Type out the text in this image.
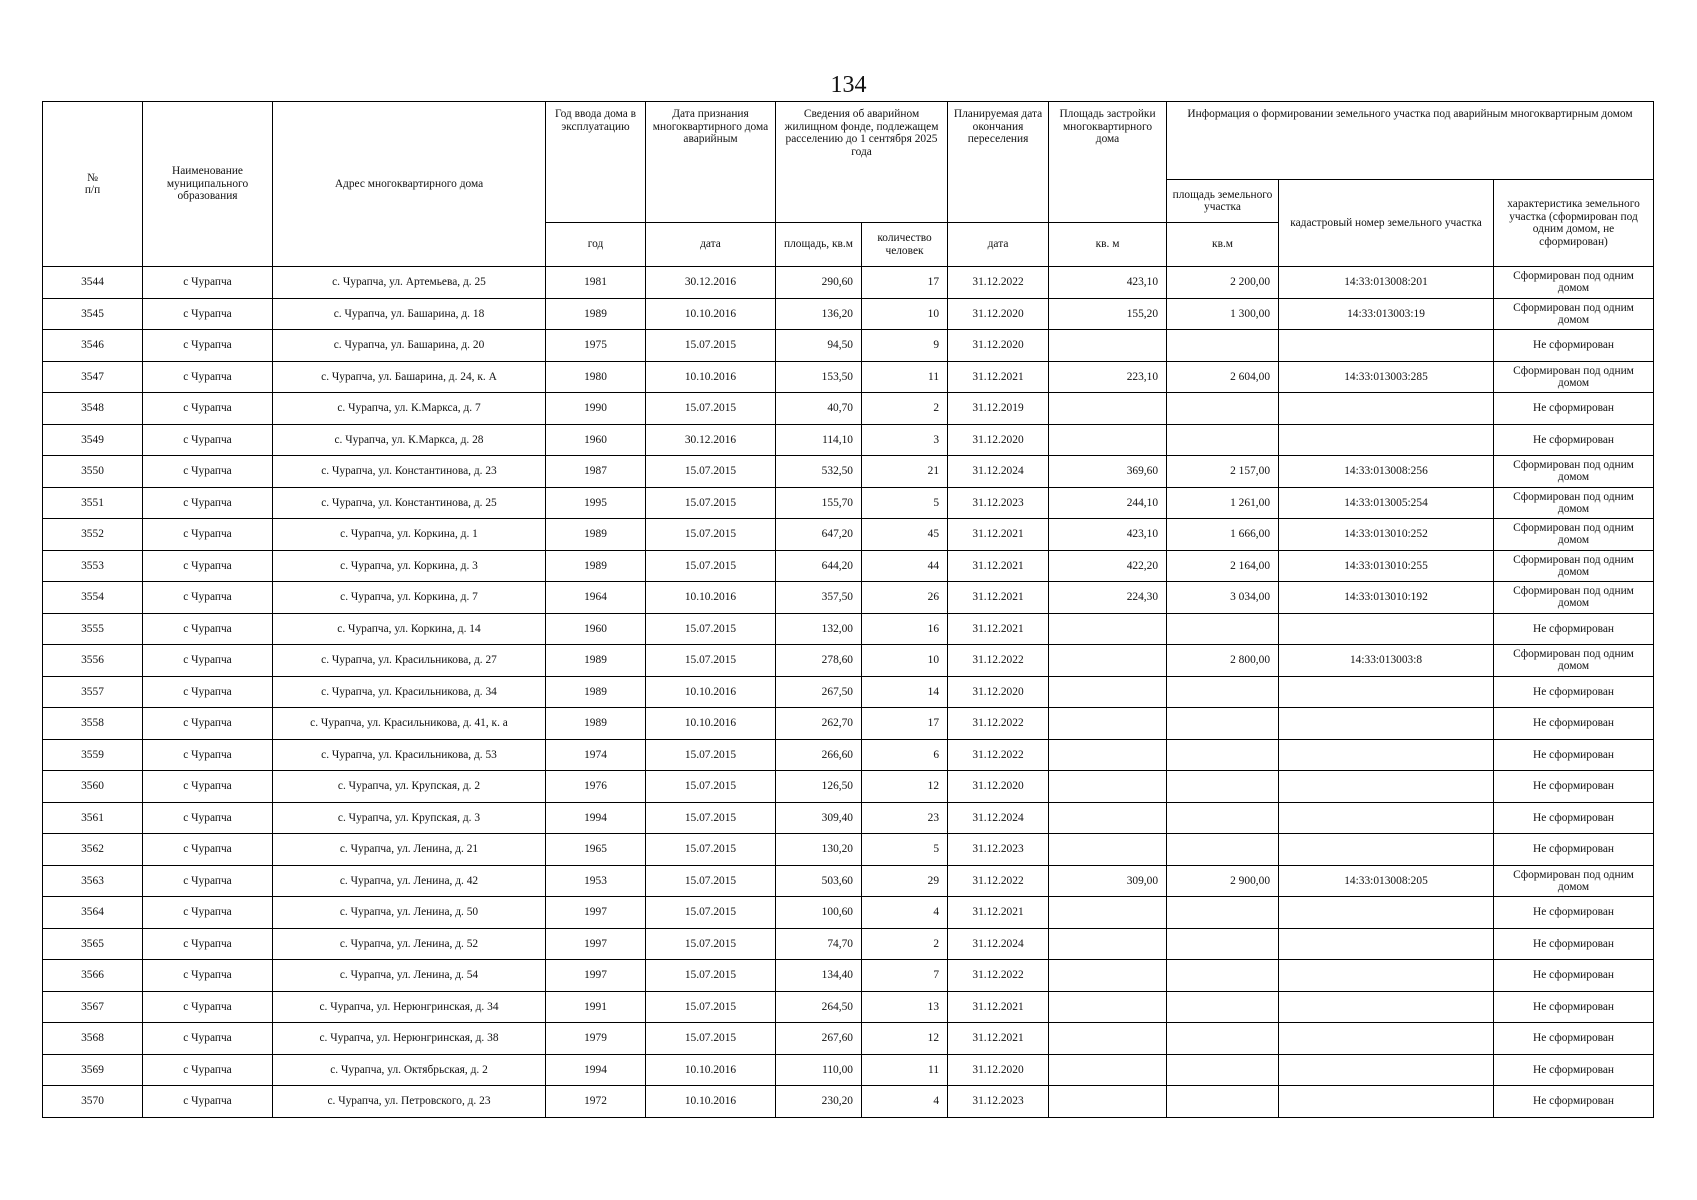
134
№
п/п	Наименование муниципального образования	Адрес многоквартирного дома	Год ввода дома в эксплуатацию	Дата признания многоквартирного дома аварийным	Сведения об аварийном жилищном фонде, подлежащем расселению до 1 сентября 2025 года		Планируемая дата окончания переселения	Площадь застройки многоквартирного дома	Информация о формировании земельного участка под аварийным многоквартирным домом		
									площадь земельного участка	кадастровый номер земельного участка	характеристика земельного участка (сформирован под одним домом, не сформирован)
			год	дата	площадь, кв.м	количество человек	дата	кв. м	кв.м		
3544	с Чурапча	с. Чурапча, ул. Артемьева, д. 25	1981	30.12.2016	290,60	17	31.12.2022	423,10	2 200,00	14:33:013008:201	Сформирован под одним домом
3545	с Чурапча	с. Чурапча, ул. Башарина, д. 18	1989	10.10.2016	136,20	10	31.12.2020	155,20	1 300,00	14:33:013003:19	Сформирован под одним домом
3546	с Чурапча	с. Чурапча, ул. Башарина, д. 20	1975	15.07.2015	94,50	9	31.12.2020				Не сформирован
3547	с Чурапча	с. Чурапча, ул. Башарина, д. 24, к. А	1980	10.10.2016	153,50	11	31.12.2021	223,10	2 604,00	14:33:013003:285	Сформирован под одним домом
3548	с Чурапча	с. Чурапча, ул. К.Маркса, д. 7	1990	15.07.2015	40,70	2	31.12.2019				Не сформирован
3549	с Чурапча	с. Чурапча, ул. К.Маркса, д. 28	1960	30.12.2016	114,10	3	31.12.2020				Не сформирован
3550	с Чурапча	с. Чурапча, ул. Константинова, д. 23	1987	15.07.2015	532,50	21	31.12.2024	369,60	2 157,00	14:33:013008:256	Сформирован под одним домом
3551	с Чурапча	с. Чурапча, ул. Константинова, д. 25	1995	15.07.2015	155,70	5	31.12.2023	244,10	1 261,00	14:33:013005:254	Сформирован под одним домом
3552	с Чурапча	с. Чурапча, ул. Коркина, д. 1	1989	15.07.2015	647,20	45	31.12.2021	423,10	1 666,00	14:33:013010:252	Сформирован под одним домом
3553	с Чурапча	с. Чурапча, ул. Коркина, д. 3	1989	15.07.2015	644,20	44	31.12.2021	422,20	2 164,00	14:33:013010:255	Сформирован под одним домом
3554	с Чурапча	с. Чурапча, ул. Коркина, д. 7	1964	10.10.2016	357,50	26	31.12.2021	224,30	3 034,00	14:33:013010:192	Сформирован под одним домом
3555	с Чурапча	с. Чурапча, ул. Коркина, д. 14	1960	15.07.2015	132,00	16	31.12.2021				Не сформирован
3556	с Чурапча	с. Чурапча, ул. Красильникова, д. 27	1989	15.07.2015	278,60	10	31.12.2022		2 800,00	14:33:013003:8	Сформирован под одним домом
3557	с Чурапча	с. Чурапча, ул. Красильникова, д. 34	1989	10.10.2016	267,50	14	31.12.2020				Не сформирован
3558	с Чурапча	с. Чурапча, ул. Красильникова, д. 41, к. а	1989	10.10.2016	262,70	17	31.12.2022				Не сформирован
3559	с Чурапча	с. Чурапча, ул. Красильникова, д. 53	1974	15.07.2015	266,60	6	31.12.2022				Не сформирован
3560	с Чурапча	с. Чурапча, ул. Крупская, д. 2	1976	15.07.2015	126,50	12	31.12.2020				Не сформирован
3561	с Чурапча	с. Чурапча, ул. Крупская, д. 3	1994	15.07.2015	309,40	23	31.12.2024				Не сформирован
3562	с Чурапча	с. Чурапча, ул. Ленина, д. 21	1965	15.07.2015	130,20	5	31.12.2023				Не сформирован
3563	с Чурапча	с. Чурапча, ул. Ленина, д. 42	1953	15.07.2015	503,60	29	31.12.2022	309,00	2 900,00	14:33:013008:205	Сформирован под одним домом
3564	с Чурапча	с. Чурапча, ул. Ленина, д. 50	1997	15.07.2015	100,60	4	31.12.2021				Не сформирован
3565	с Чурапча	с. Чурапча, ул. Ленина, д. 52	1997	15.07.2015	74,70	2	31.12.2024				Не сформирован
3566	с Чурапча	с. Чурапча, ул. Ленина, д. 54	1997	15.07.2015	134,40	7	31.12.2022				Не сформирован
3567	с Чурапча	с. Чурапча, ул. Нерюнгринская, д. 34	1991	15.07.2015	264,50	13	31.12.2021				Не сформирован
3568	с Чурапча	с. Чурапча, ул. Нерюнгринская, д. 38	1979	15.07.2015	267,60	12	31.12.2021				Не сформирован
3569	с Чурапча	с. Чурапча, ул. Октябрьская, д. 2	1994	10.10.2016	110,00	11	31.12.2020				Не сформирован
3570	с Чурапча	с. Чурапча, ул. Петровского, д. 23	1972	10.10.2016	230,20	4	31.12.2023				Не сформирован
